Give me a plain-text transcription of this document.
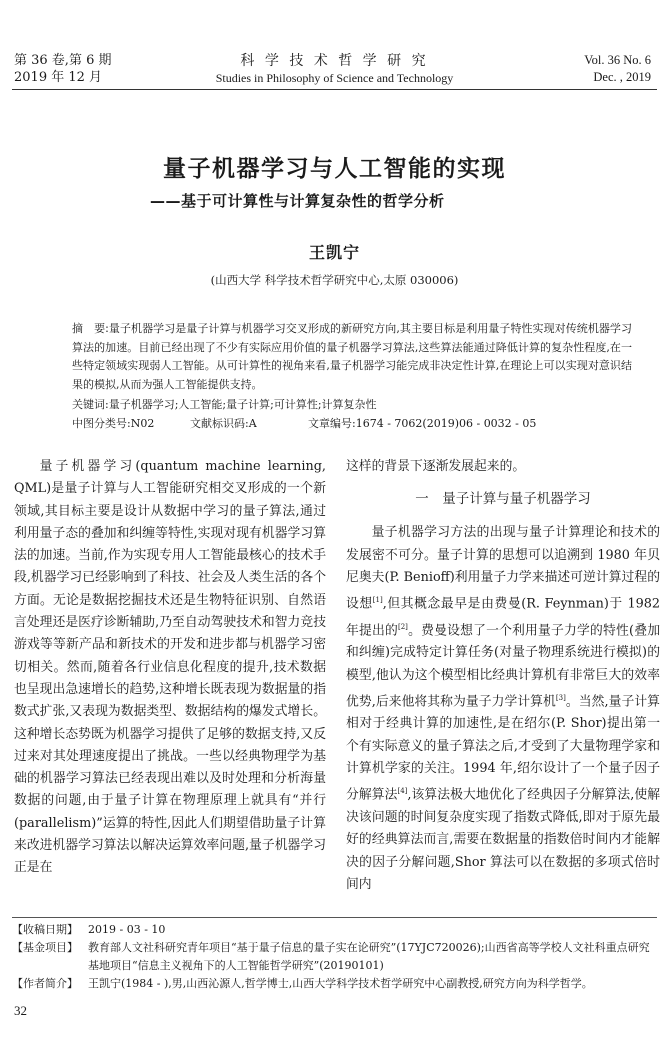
第 36 卷,第 6 期
2019 年 12 月
科 学 技 术 哲 学 研 究
Studies in Philosophy of Science and Technology
Vol. 36 No. 6
Dec. , 2019
量子机器学习与人工智能的实现
——基于可计算性与计算复杂性的哲学分析
王凯宁
(山西大学 科学技术哲学研究中心,太原 030006)
摘　要:量子机器学习是量子计算与机器学习交叉形成的新研究方向,其主要目标是利用量子特性实现对传统机器学习算法的加速。目前已经出现了不少有实际应用价值的量子机器学习算法,这些算法能通过降低计算的复杂性程度,在一些特定领域实现弱人工智能。从可计算性的视角来看,量子机器学习能完成非决定性计算,在理论上可以实现对意识结果的模拟,从而为强人工智能提供支持。
关键词:量子机器学习;人工智能;量子计算;可计算性;计算复杂性
中图分类号:N02	文献标识码:A	文章编号:1674 - 7062(2019)06 - 0032 - 05

量子机器学习(quantum machine learning, QML)是量子计算与人工智能研究相交叉形成的一个新领域,其目标主要是设计从数据中学习的量子算法,通过利用量子态的叠加和纠缠等特性,实现对现有机器学习算法的加速。当前,作为实现专用人工智能最核心的技术手段,机器学习已经影响到了科技、社会及人类生活的各个方面。无论是数据挖掘技术还是生物特征识别、自然语言处理还是医疗诊断辅助,乃至自动驾驶技术和智力竞技游戏等等新产品和新技术的开发和进步都与机器学习密切相关。然而,随着各行业信息化程度的提升,技术数据也呈现出急速增长的趋势,这种增长既表现为数据量的指数式扩张,又表现为数据类型、数据结构的爆发式增长。这种增长态势既为机器学习提供了足够的数据支持,又反过来对其处理速度提出了挑战。一些以经典物理学为基础的机器学习算法已经表现出难以及时处理和分析海量数据的问题,由于量子计算在物理原理上就具有“并行(parallelism)”运算的特性,因此人们期望借助量子计算来改进机器学习算法以解决运算效率问题,量子机器学习正是在

这样的背景下逐渐发展起来的。

一　量子计算与量子机器学习

量子机器学习方法的出现与量子计算理论和技术的发展密不可分。量子计算的思想可以追溯到 1980 年贝尼奥夫(P. Benioff)利用量子力学来描述可逆计算过程的设想[1],但其概念最早是由费曼(R. Feynman)于 1982 年提出的[2]。费曼设想了一个利用量子力学的特性(叠加和纠缠)完成特定计算任务(对量子物理系统进行模拟)的模型,他认为这个模型相比经典计算机有非常巨大的效率优势,后来他将其称为量子力学计算机[3]。当然,量子计算相对于经典计算的加速性,是在绍尔(P. Shor)提出第一个有实际意义的量子算法之后,才受到了大量物理学家和计算机学家的关注。1994 年,绍尔设计了一个量子因子分解算法[4],该算法极大地优化了经典因子分解算法,使解决该问题的时间复杂度实现了指数式降低,即对于原先最好的经典算法而言,需要在数据量的指数倍时间内才能解决的因子分解问题,Shor 算法可以在数据的多项式倍时间内

【收稿日期】 2019 - 03 - 10
【基金项目】 教育部人文社科研究青年项目“基于量子信息的量子实在论研究”(17YJC720026);山西省高等学校人文社科重点研究基地项目“信息主义视角下的人工智能哲学研究”(20190101)
【作者简介】 王凯宁(1984 - ),男,山西沁源人,哲学博士,山西大学科学技术哲学研究中心副教授,研究方向为科学哲学。
32
